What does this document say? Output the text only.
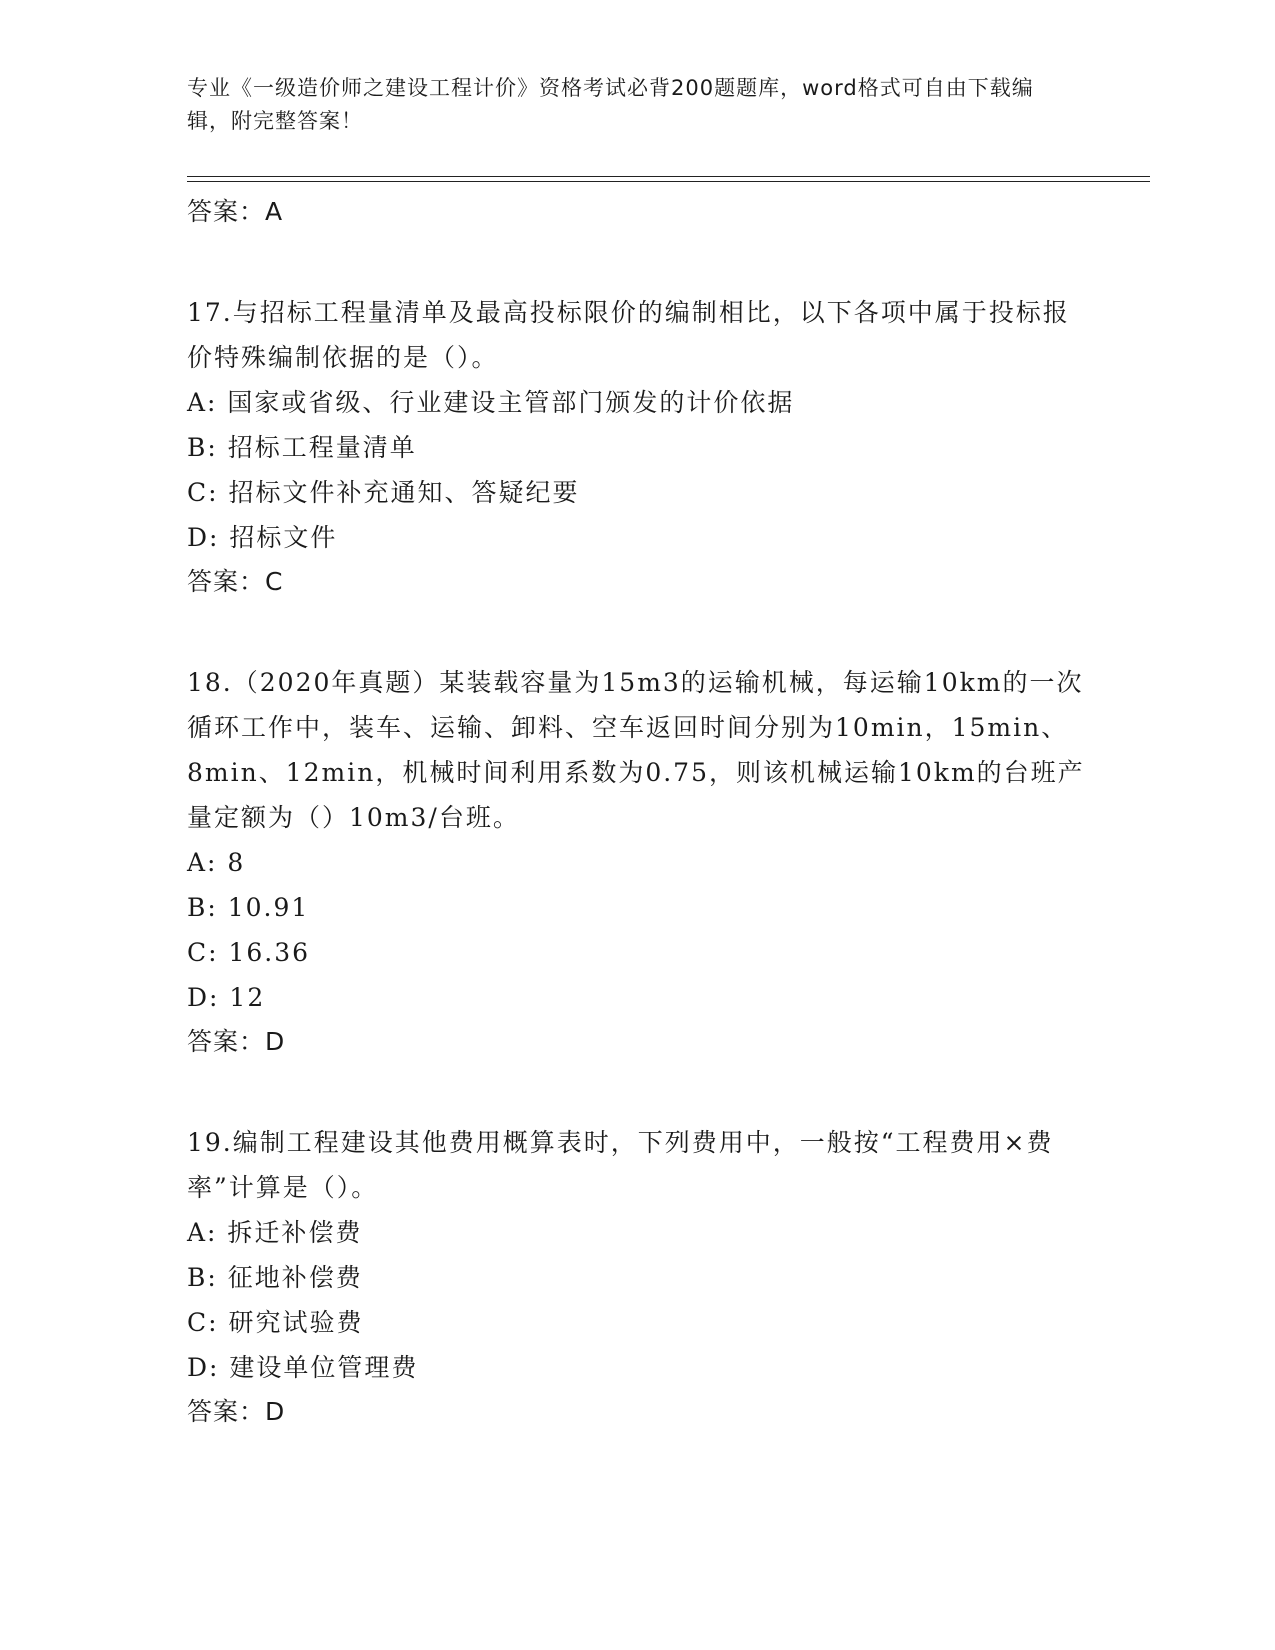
专业《一级造价师之建设工程计价》资格考试必背200题题库，word格式可自由下载编辑，附完整答案！
答案：A
17.与招标工程量清单及最高投标限价的编制相比，以下各项中属于投标报价特殊编制依据的是（）。
A: 国家或省级、行业建设主管部门颁发的计价依据
B: 招标工程量清单
C: 招标文件补充通知、答疑纪要
D: 招标文件
答案：C
18.（2020年真题）某装载容量为15m3的运输机械，每运输10km的一次循环工作中，装车、运输、卸料、空车返回时间分别为10min，15min、8min、12min，机械时间利用系数为0.75，则该机械运输10km的台班产量定额为（）10m3/台班。
A: 8
B: 10.91
C: 16.36
D: 12
答案：D
19.编制工程建设其他费用概算表时，下列费用中，一般按“工程费用×费率”计算是（）。
A: 拆迁补偿费
B: 征地补偿费
C: 研究试验费
D: 建设单位管理费
答案：D
